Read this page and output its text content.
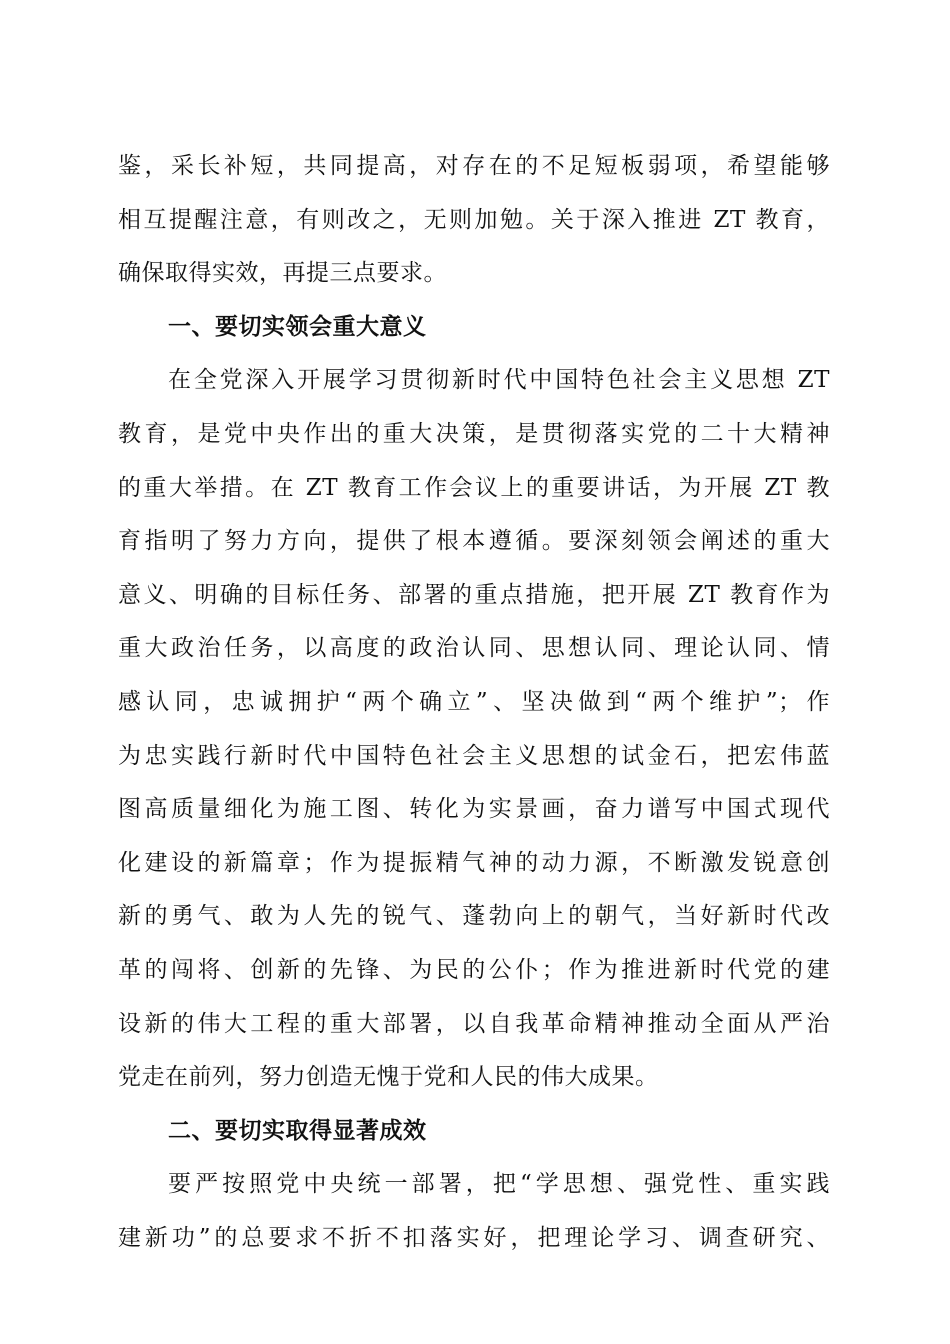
鉴，采长补短，共同提高，对存在的不足短板弱项，希望能够
相互提醒注意，有则改之，无则加勉。关于深入推进 ZT 教育，
确保取得实效，再提三点要求。
一、要切实领会重大意义
在全党深入开展学习贯彻新时代中国特色社会主义思想 ZT
教育，是党中央作出的重大决策，是贯彻落实党的二十大精神
的重大举措。在 ZT 教育工作会议上的重要讲话，为开展 ZT 教
育指明了努力方向，提供了根本遵循。要深刻领会阐述的重大
意义、明确的目标任务、部署的重点措施，把开展 ZT 教育作为
重大政治任务，以高度的政治认同、思想认同、理论认同、情
感认同，忠诚拥护“两个确立”、坚决做到“两个维护”；作
为忠实践行新时代中国特色社会主义思想的试金石，把宏伟蓝
图高质量细化为施工图、转化为实景画，奋力谱写中国式现代
化建设的新篇章；作为提振精气神的动力源，不断激发锐意创
新的勇气、敢为人先的锐气、蓬勃向上的朝气，当好新时代改
革的闯将、创新的先锋、为民的公仆；作为推进新时代党的建
设新的伟大工程的重大部署，以自我革命精神推动全面从严治
党走在前列，努力创造无愧于党和人民的伟大成果。
二、要切实取得显著成效
要严按照党中央统一部署，把“学思想、强党性、重实践
建新功”的总要求不折不扣落实好，把理论学习、调查研究、
